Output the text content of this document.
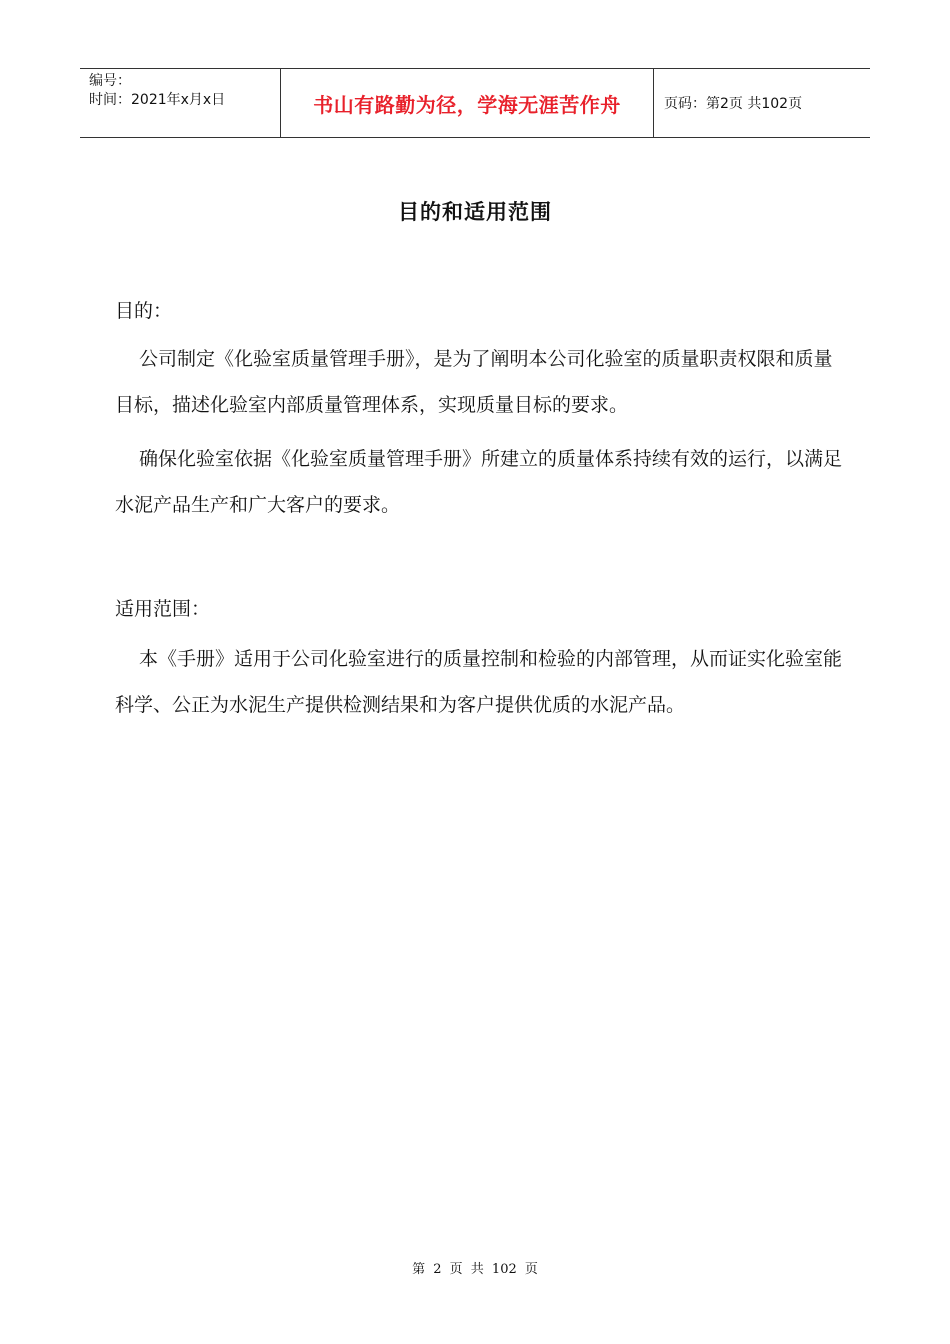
编号：
时间：2021年x月x日	书山有路勤为径，学海无涯苦作舟	页码：第2页 共102页
目的和适用范围
目的：
公司制定《化验室质量管理手册》，是为了阐明本公司化验室的质量职责权限和质量目标，描述化验室内部质量管理体系，实现质量目标的要求。
确保化验室依据《化验室质量管理手册》所建立的质量体系持续有效的运行，以满足水泥产品生产和广大客户的要求。
适用范围：
本《手册》适用于公司化验室进行的质量控制和检验的内部管理，从而证实化验室能科学、公正为水泥生产提供检测结果和为客户提供优质的水泥产品。
第 2 页 共 102 页
